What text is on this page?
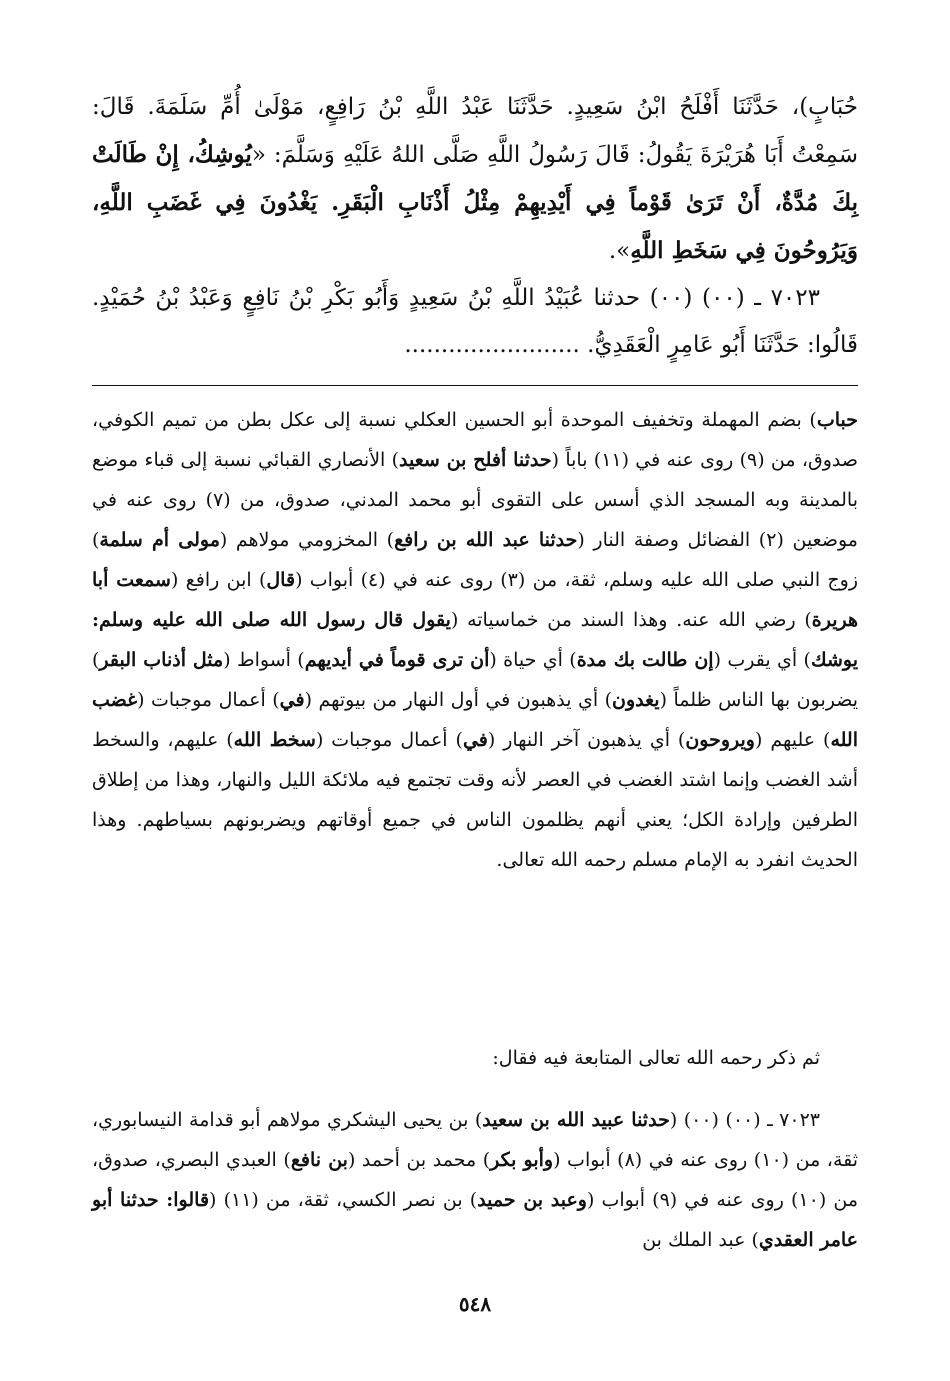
حُبَابٍ)، حَدَّثَنَا أَفْلَحُ ابْنُ سَعِيدٍ. حَدَّثَنَا عَبْدُ اللَّهِ بْنُ رَافِعٍ، مَوْلَىٰ أُمِّ سَلَمَةَ. قَالَ: سَمِعْتُ أَبَا هُرَيْرَةَ يَقُولُ: قَالَ رَسُولُ اللَّهِ صَلَّى اللهُ عَلَيْهِ وَسَلَّمَ: «يُوشِكُ، إِنْ طَالَتْ بِكَ مُدَّةٌ، أَنْ تَرَىٰ قَوْماً فِي أَيْدِيهِمْ مِثْلُ أَذْنَابِ الْبَقَرِ. يَغْدُونَ فِي غَضَبِ اللَّهِ، وَيَرُوحُونَ فِي سَخَطِ اللَّهِ».

٧٠٢٣ ـ (٠٠) (٠٠) حدثنا عُبَيْدُ اللَّهِ بْنُ سَعِيدٍ وَأَبُو بَكْرِ بْنُ نَافِعٍ وَعَبْدُ بْنُ حُمَيْدٍ. قَالُوا: حَدَّثَنَا أَبُو عَامِرٍ الْعَقَدِيُّ. ........................

حباب) بضم المهملة وتخفيف الموحدة أبو الحسين العكلي نسبة إلى عكل بطن من تميم الكوفي، صدوق، من (٩) روى عنه في (١١) باباً (حدثنا أفلح بن سعيد) الأنصاري القبائي نسبة إلى قباء موضع بالمدينة وبه المسجد الذي أسس على التقوى أبو محمد المدني، صدوق، من (٧) روى عنه في موضعين (٢) الفضائل وصفة النار (حدثنا عبد الله بن رافع) المخزومي مولاهم (مولى أم سلمة) زوج النبي صلى الله عليه وسلم، ثقة، من (٣) روى عنه في (٤) أبواب (قال) ابن رافع (سمعت أبا هريرة) رضي الله عنه. وهذا السند من خماسياته (يقول قال رسول الله صلى الله عليه وسلم: يوشك) أي يقرب (إن طالت بك مدة) أي حياة (أن ترى قوماً في أيديهم) أسواط (مثل أذناب البقر) يضربون بها الناس ظلماً (يغدون) أي يذهبون في أول النهار من بيوتهم (في) أعمال موجبات (غضب الله) عليهم (ويروحون) أي يذهبون آخر النهار (في) أعمال موجبات (سخط الله) عليهم، والسخط أشد الغضب وإنما اشتد الغضب في العصر لأنه وقت تجتمع فيه ملائكة الليل والنهار، وهذا من إطلاق الطرفين وإرادة الكل؛ يعني أنهم يظلمون الناس في جميع أوقاتهم ويضربونهم بسياطهم. وهذا الحديث انفرد به الإمام مسلم رحمه الله تعالى.

ثم ذكر رحمه الله تعالى المتابعة فيه فقال:

٧٠٢٣ ـ (٠٠) (٠٠) (حدثنا عبيد الله بن سعيد) بن يحيى اليشكري مولاهم أبو قدامة النيسابوري، ثقة، من (١٠) روى عنه في (٨) أبواب (وأبو بكر) محمد بن أحمد (بن نافع) العبدي البصري، صدوق، من (١٠) روى عنه في (٩) أبواب (وعبد بن حميد) بن نصر الكسي، ثقة، من (١١) (قالوا: حدثنا أبو عامر العقدي) عبد الملك بن

٥٤٨
